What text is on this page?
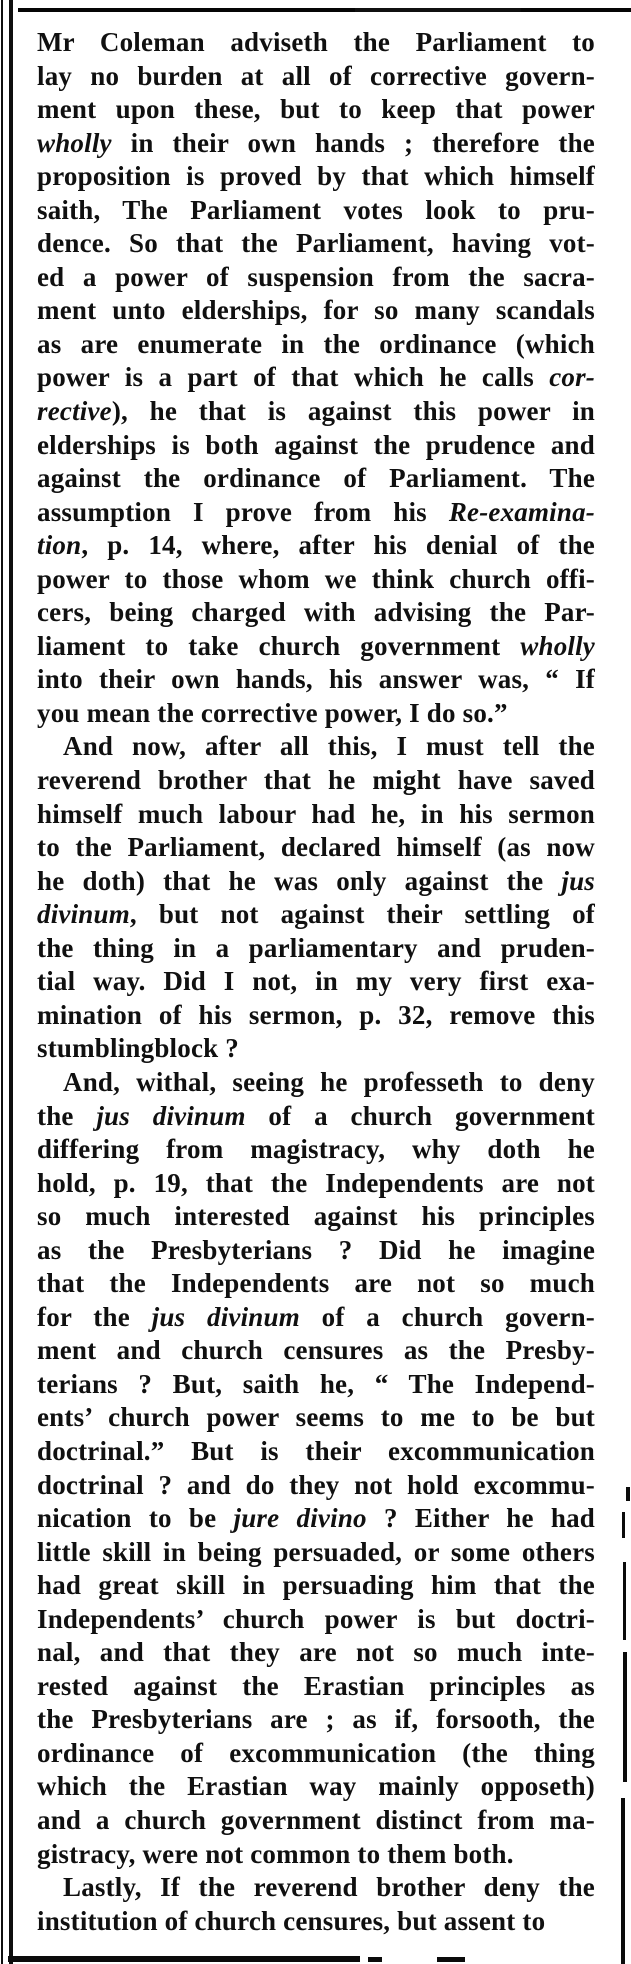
Mr Coleman adviseth the Parliament to
lay no burden at all of corrective govern-
ment upon these, but to keep that power
wholly in their own hands ; therefore the
proposition is proved by that which himself
saith, The Parliament votes look to pru-
dence. So that the Parliament, having vot-
ed a power of suspension from the sacra-
ment unto elderships, for so many scandals
as are enumerate in the ordinance (which
power is a part of that which he calls cor-
rective), he that is against this power in
elderships is both against the prudence and
against the ordinance of Parliament. The
assumption I prove from his Re-examina-
tion, p. 14, where, after his denial of the
power to those whom we think church offi-
cers, being charged with advising the Par-
liament to take church government wholly
into their own hands, his answer was, “ If
you mean the corrective power, I do so.”
And now, after all this, I must tell the
reverend brother that he might have saved
himself much labour had he, in his sermon
to the Parliament, declared himself (as now
he doth) that he was only against the jus
divinum, but not against their settling of
the thing in a parliamentary and pruden-
tial way. Did I not, in my very first exa-
mination of his sermon, p. 32, remove this
stumblingblock ?
And, withal, seeing he professeth to deny
the jus divinum of a church government
differing from magistracy, why doth he
hold, p. 19, that the Independents are not
so much interested against his principles
as the Presbyterians ? Did he imagine
that the Independents are not so much
for the jus divinum of a church govern-
ment and church censures as the Presby-
terians ? But, saith he, “ The Independ-
ents’ church power seems to me to be but
doctrinal.” But is their excommunication
doctrinal ? and do they not hold excommu-
nication to be jure divino ? Either he had
little skill in being persuaded, or some others
had great skill in persuading him that the
Independents’ church power is but doctri-
nal, and that they are not so much inte-
rested against the Erastian principles as
the Presbyterians are ; as if, forsooth, the
ordinance of excommunication (the thing
which the Erastian way mainly opposeth)
and a church government distinct from ma-
gistracy, were not common to them both.
Lastly, If the reverend brother deny the
institution of church censures, but assent to
